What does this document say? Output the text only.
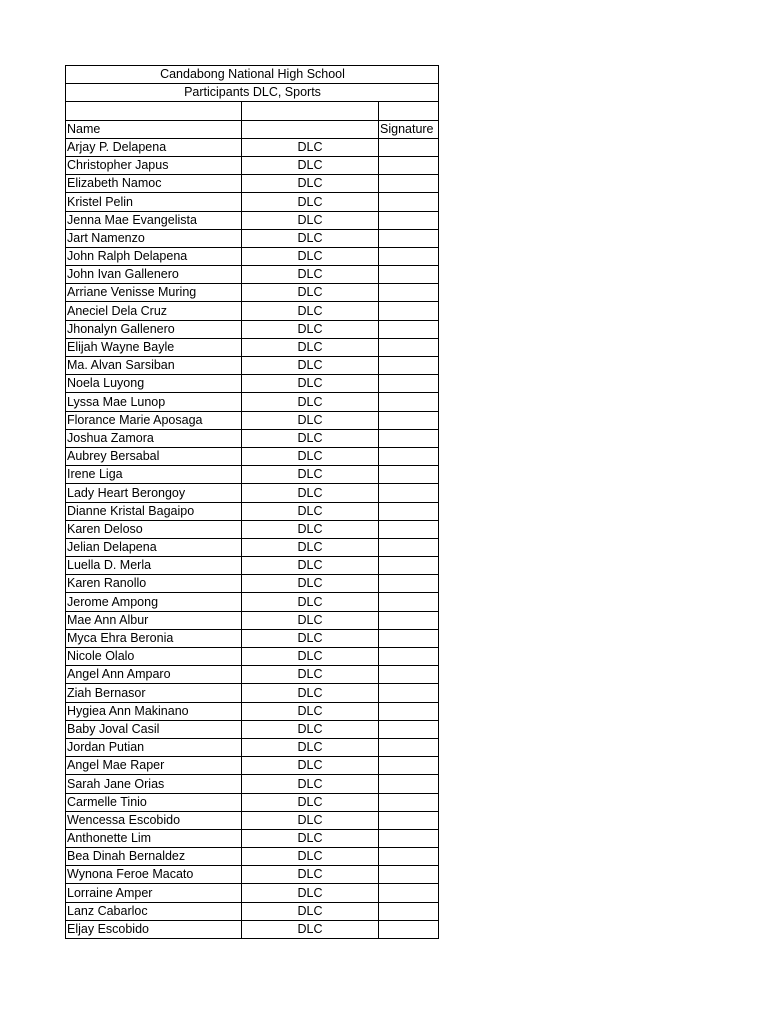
Candabong National High School		
Participants DLC, Sports		

Name		Signature
Arjay P. Delapena	DLC	
Christopher Japus	DLC	
Elizabeth Namoc	DLC	
Kristel Pelin	DLC	
Jenna Mae Evangelista	DLC	
Jart Namenzo	DLC	
John Ralph Delapena	DLC	
John Ivan Gallenero	DLC	
Arriane Venisse Muring	DLC	
Aneciel Dela Cruz	DLC	
Jhonalyn Gallenero	DLC	
Elijah Wayne Bayle	DLC	
Ma. Alvan Sarsiban	DLC	
Noela Luyong	DLC	
Lyssa Mae Lunop	DLC	
Florance Marie Aposaga	DLC	
Joshua Zamora	DLC	
Aubrey Bersabal	DLC	
Irene Liga	DLC	
Lady Heart Berongoy	DLC	
Dianne Kristal Bagaipo	DLC	
Karen Deloso	DLC	
Jelian Delapena	DLC	
Luella D. Merla	DLC	
Karen Ranollo	DLC	
Jerome Ampong	DLC	
Mae Ann Albur	DLC	
Myca Ehra Beronia	DLC	
Nicole Olalo	DLC	
Angel Ann Amparo	DLC	
Ziah Bernasor	DLC	
Hygiea Ann Makinano	DLC	
Baby Joval Casil	DLC	
Jordan Putian	DLC	
Angel Mae Raper	DLC	
Sarah Jane Orias	DLC	
Carmelle Tinio	DLC	
Wencessa Escobido	DLC	
Anthonette Lim	DLC	
Bea Dinah Bernaldez	DLC	
Wynona Feroe Macato	DLC	
Lorraine Amper	DLC	
Lanz Cabarloc	DLC	
Eljay Escobido	DLC	
